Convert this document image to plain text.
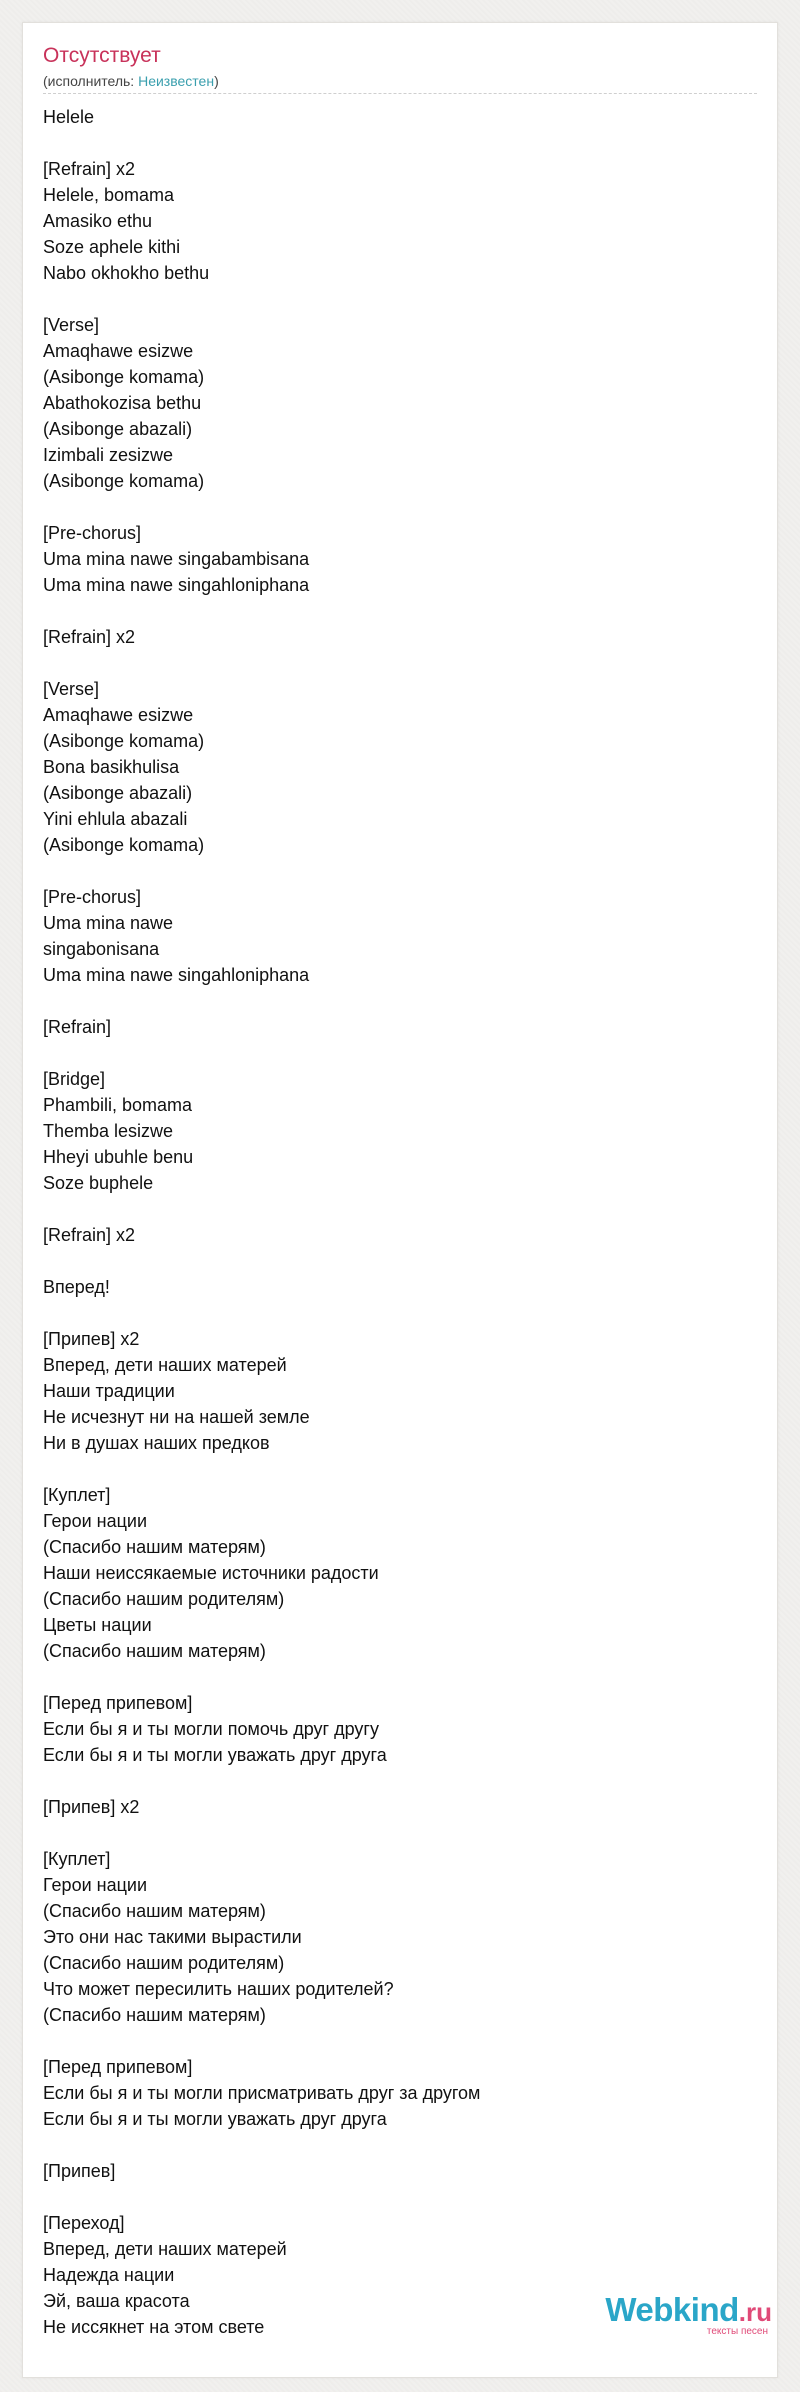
Отсутствует
(исполнитель: Неизвестен)
Helele
[Refrain] x2
Helele, bomama
Amasiko ethu
Soze aphele kithi
Nabo okhokho bethu
[Verse]
Amaqhawe esizwe
(Asibonge komama)
Abathokozisa bethu
(Asibonge abazali)
Izimbali zesizwe
(Asibonge komama)
[Pre-chorus]
Uma mina nawe singabambisana
Uma mina nawe singahloniphana
[Refrain] x2
[Verse]
Amaqhawe esizwe
(Asibonge komama)
Bona basikhulisa
(Asibonge abazali)
Yini ehlula abazali
(Asibonge komama)
[Pre-chorus]
Uma mina nawe
singabonisana
Uma mina nawe singahloniphana
[Refrain]
[Bridge]
Phambili, bomama
Themba lesizwe
Hheyi ubuhle benu
Soze buphele
[Refrain] x2
Вперед!
[Припев] x2
Вперед, дети наших матерей
Наши традиции
Не исчезнут ни на нашей земле
Ни в душах наших предков
[Куплет]
Герои нации
(Спасибо нашим матерям)
Наши неиссякаемые источники радости
(Спасибо нашим родителям)
Цветы нации
(Спасибо нашим матерям)
[Перед припевом]
Если бы я и ты могли помочь друг другу
Если бы я и ты могли уважать друг друга
[Припев] x2
[Куплет]
Герои нации
(Спасибо нашим матерям)
Это они нас такими вырастили
(Спасибо нашим родителям)
Что может пересилить наших родителей?
(Спасибо нашим матерям)
[Перед припевом]
Если бы я и ты могли присматривать друг за другом
Если бы я и ты могли уважать друг друга
[Припев]
[Переход]
Вперед, дети наших матерей
Надежда нации
Эй, ваша красота
Не иссякнет на этом свете	Webkind.ru
тексты песен
